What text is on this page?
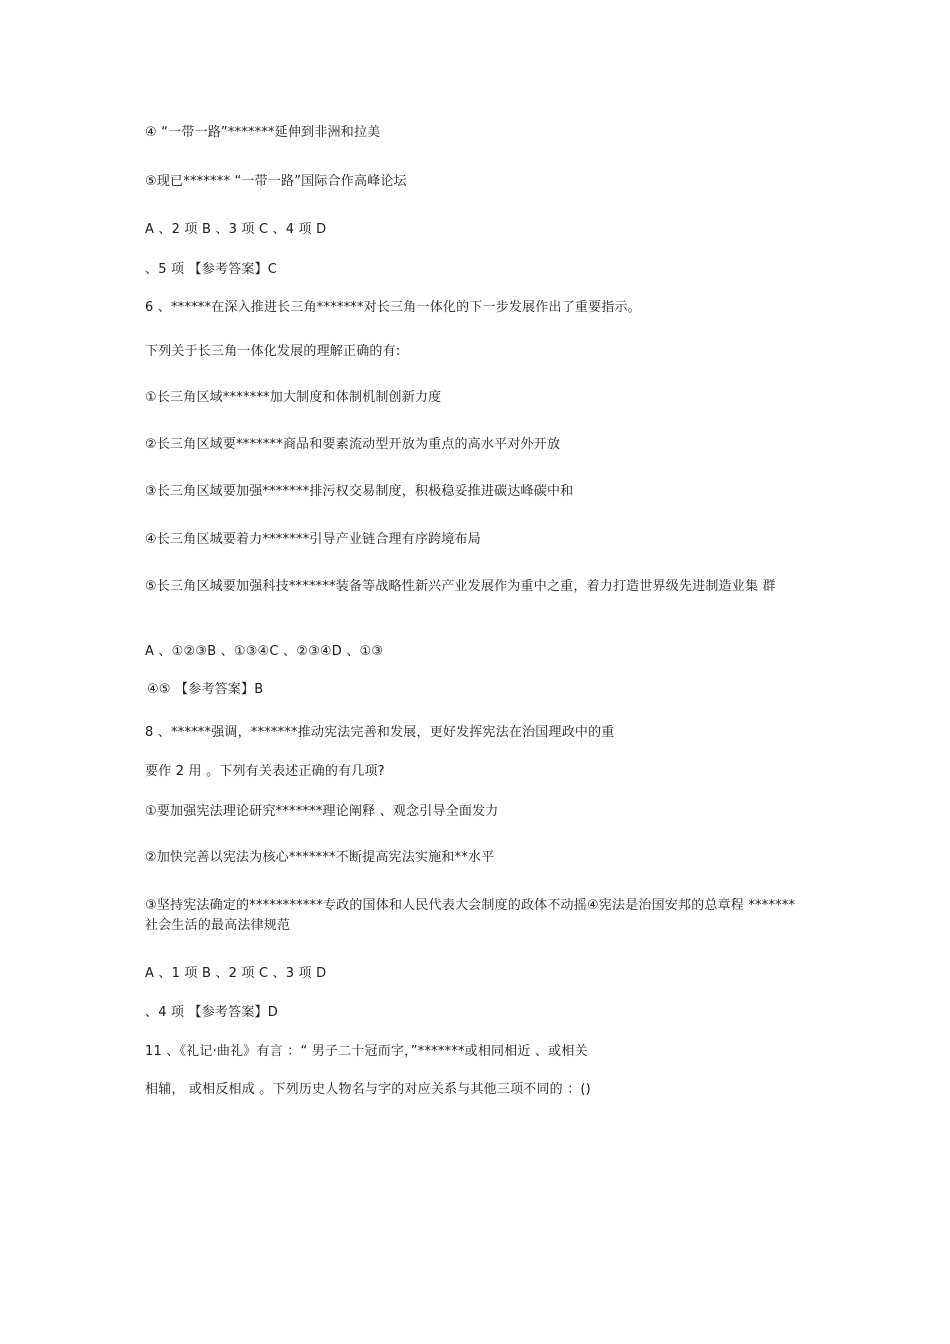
④ “一带一路”*******延伸到非洲和拉美
⑤现已******* “一带一路”国际合作高峰论坛
A 、2 项 B 、3 项 C 、4 项 D
、5 项 【参考答案】C
6 、******在深入推进长三角*******对长三角一体化的下一步发展作出了重要指示。
下列关于长三角一体化发展的理解正确的有:
①长三角区域*******加大制度和体制机制创新力度
②长三角区域要*******商品和要素流动型开放为重点的高水平对外开放
③长三角区域要加强*******排污权交易制度，积极稳妥推进碳达峰碳中和
④长三角区城要着力*******引导产业链合理有序跨境布局
⑤长三角区城要加强科技*******装备等战略性新兴产业发展作为重中之重，着力打造世界级先进制造业集 群
A 、①②③B 、①③④C 、②③④D 、①③
④⑤ 【参考答案】B
8 、******强调，*******推动宪法完善和发展，更好发挥宪法在治国理政中的重
要作 2 用 。下列有关表述正确的有几项?
①要加强宪法理论研究*******理论阐释 、观念引导全面发力
②加快完善以宪法为核心*******不断提高宪法实施和**水平
③坚持宪法确定的***********专政的国体和人民代表大会制度的政体不动摇④宪法是治国安邦的总章程 *******社会生活的最高法律规范
A 、1 项 B 、2 项 C 、3 项 D
、4 项 【参考答案】D
11 、《礼记·曲礼》有言 ：“ 男子二十冠而字，”*******或相同相近 、或相关
相辅， 或相反相成 。下列历史人物名与字的对应关系与其他三项不同的 ：()
